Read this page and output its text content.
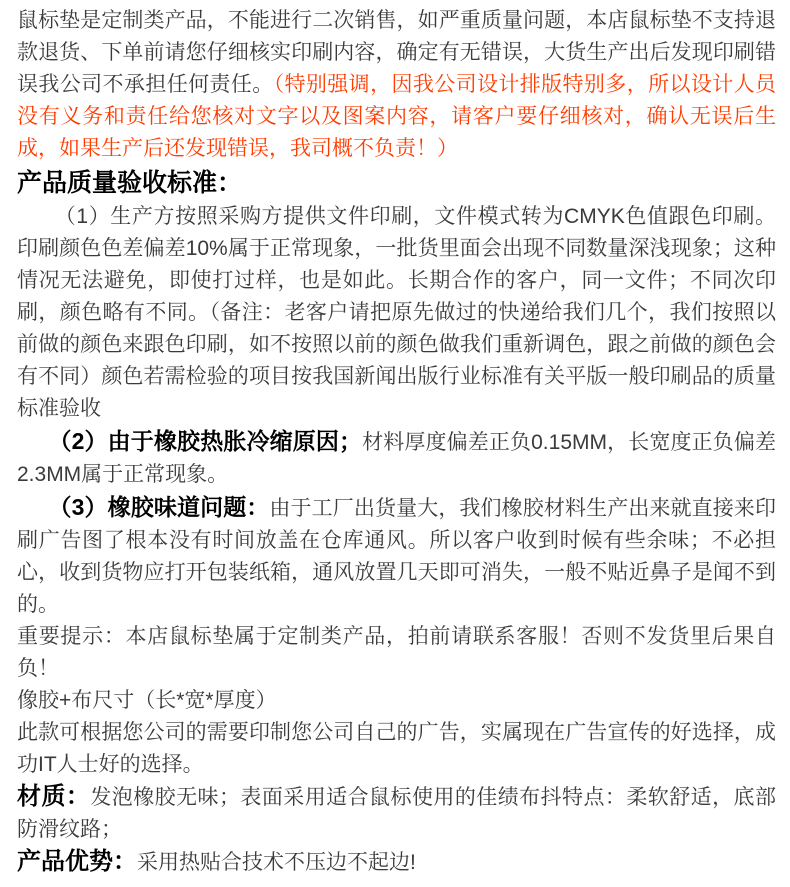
鼠标垫是定制类产品，不能进行二次销售，如严重质量问题，本店鼠标垫不支持退款退货、下单前请您仔细核实印刷内容，确定有无错误，大货生产出后发现印刷错误我公司不承担任何责任。（特别强调，因我公司设计排版特别多，所以设计人员没有义务和责任给您核对文字以及图案内容，请客户要仔细核对，确认无误后生成，如果生产后还发现错误，我司概不负责！）

产品质量验收标准：

（1）生产方按照采购方提供文件印刷，文件模式转为CMYK色值跟色印刷。印刷颜色色差偏差10%属于正常现象，一批货里面会出现不同数量深浅现象；这种情况无法避免，即使打过样，也是如此。长期合作的客户，同一文件；不同次印刷，颜色略有不同。（备注：老客户请把原先做过的快递给我们几个，我们按照以前做的颜色来跟色印刷，如不按照以前的颜色做我们重新调色，跟之前做的颜色会有不同）颜色若需检验的项目按我国新闻出版行业标准有关平版一般印刷品的质量标准验收

（2）由于橡胶热胀冷缩原因；材料厚度偏差正负0.15MM，长宽度正负偏差2.3MM属于正常现象。

（3）橡胶味道问题：由于工厂出货量大，我们橡胶材料生产出来就直接来印刷广告图了根本没有时间放盖在仓库通风。所以客户收到时候有些余味；不必担心，收到货物应打开包装纸箱，通风放置几天即可消失，一般不贴近鼻子是闻不到的。

重要提示：本店鼠标垫属于定制类产品，拍前请联系客服！否则不发货里后果自负！

像胶+布尺寸（长*宽*厚度）

此款可根据您公司的需要印制您公司自己的广告，实属现在广告宣传的好选择，成功IT人士好的选择。

材质：发泡橡胶无味；表面采用适合鼠标使用的佳绩布抖特点：柔软舒适，底部防滑纹路；

产品优势：采用热贴合技术不压边不起边!
